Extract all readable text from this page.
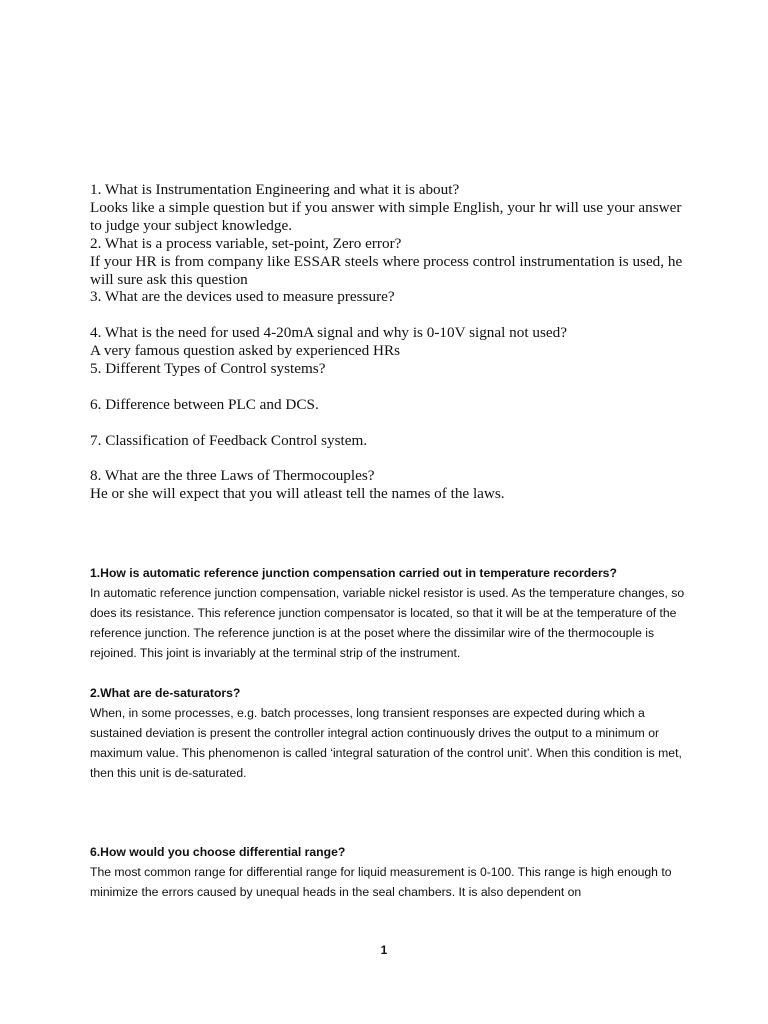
1. What is Instrumentation Engineering and what it is about?

Looks like a simple question but if you answer with simple English, your hr will use your answer to judge your subject knowledge.

2. What is a process variable, set-point, Zero error?

If your HR is from company like ESSAR steels where process control instrumentation is used, he will sure ask this question

3. What are the devices used to measure pressure?

4. What is the need for used 4-20mA signal and why is 0-10V signal not used?

A very famous question asked by experienced HRs

5. Different Types of Control systems?

6. Difference between PLC and DCS.

7. Classification of Feedback Control system.

8. What are the three Laws of Thermocouples?

He or she will expect that you will atleast tell the names of the laws.

1.How is automatic reference junction compensation carried out in temperature recorders?

In automatic reference junction compensation, variable nickel resistor is used. As the temperature changes, so does its resistance. This reference junction compensator is located, so that it will be at the temperature of the reference junction. The reference junction is at the poset where the dissimilar wire of the thermocouple is rejoined. This joint is invariably at the terminal strip of the instrument.

2.What are de-saturators?

When, in some processes, e.g. batch processes, long transient responses are expected during which a sustained deviation is present the controller integral action continuously drives the output to a minimum or maximum value. This phenomenon is called ‘integral saturation of the control unit’. When this condition is met, then this unit is de-saturated.

6.How would you choose differential range?

The most common range for differential range for liquid measurement is 0-100. This range is high enough to minimize the errors caused by unequal heads in the seal chambers. It is also dependent on

1
